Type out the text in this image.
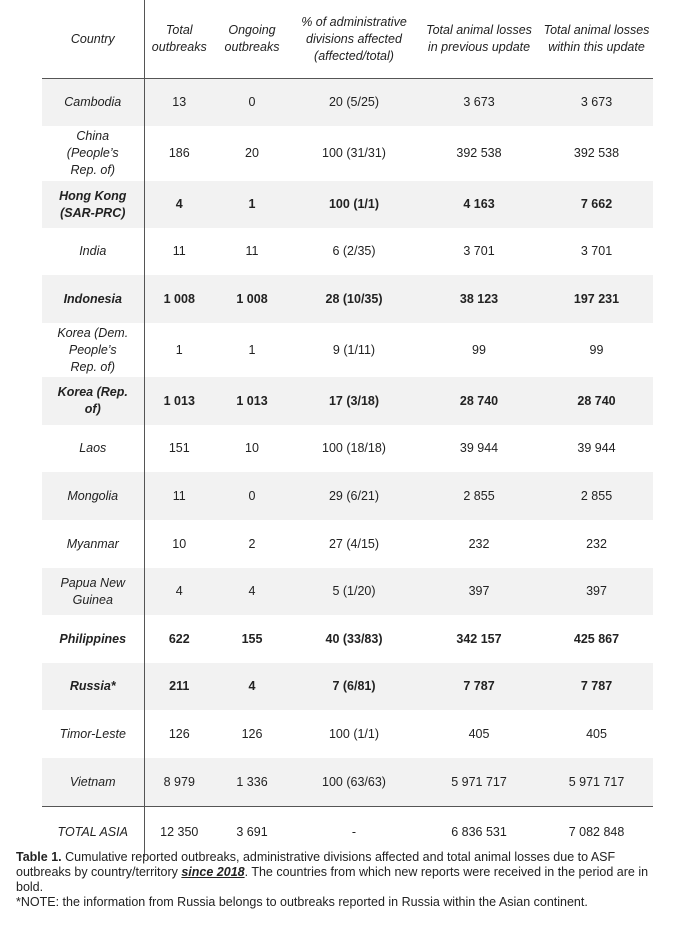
Country	Total outbreaks	Ongoing outbreaks	% of administrative divisions affected (affected/total)	Total animal losses in previous update	Total animal losses within this update
Cambodia	13	0	20 (5/25)	3 673	3 673
China (People’s Rep. of)	186	20	100 (31/31)	392 538	392 538
Hong Kong (SAR-PRC)	4	1	100 (1/1)	4 163	7 662
India	11	11	6 (2/35)	3 701	3 701
Indonesia	1 008	1 008	28 (10/35)	38 123	197 231
Korea (Dem. People’s Rep. of)	1	1	9 (1/11)	99	99
Korea (Rep. of)	1 013	1 013	17 (3/18)	28 740	28 740
Laos	151	10	100 (18/18)	39 944	39 944
Mongolia	11	0	29 (6/21)	2 855	2 855
Myanmar	10	2	27 (4/15)	232	232
Papua New Guinea	4	4	5 (1/20)	397	397
Philippines	622	155	40 (33/83)	342 157	425 867
Russia*	211	4	7 (6/81)	7 787	7 787
Timor-Leste	126	126	100 (1/1)	405	405
Vietnam	8 979	1 336	100 (63/63)	5 971 717	5 971 717
TOTAL ASIA	12 350	3 691	-	6 836 531	7 082 848
Table 1. Cumulative reported outbreaks, administrative divisions affected and total animal losses due to ASF outbreaks by country/territory since 2018. The countries from which new reports were received in the period are in bold.
*NOTE: the information from Russia belongs to outbreaks reported in Russia within the Asian continent.
